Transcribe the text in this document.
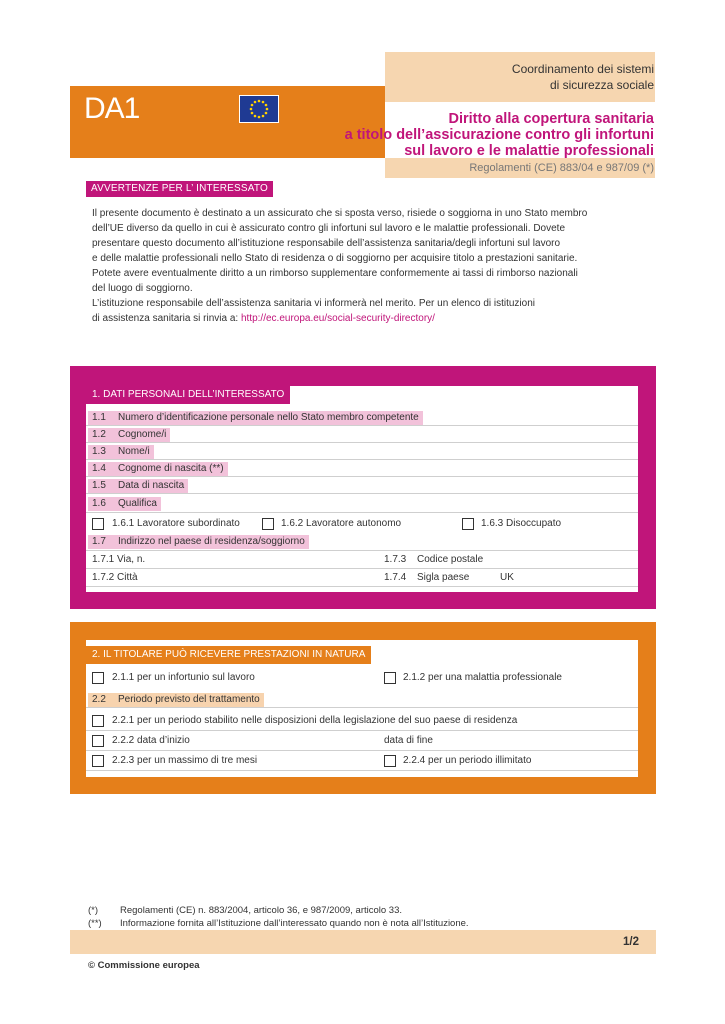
Coordinamento dei sistemi
di sicurezza sociale
DA1	Diritto alla copertura sanitaria
a titolo dell’assicurazione contro gli infortuni
sul lavoro e le malattie professionali
Regolamenti (CE) 883/04 e 987/09 (*)
AVVERTENZE PER L’ INTERESSATO
Il presente documento è destinato a un assicurato che si sposta verso, risiede o soggiorna in uno Stato membro
dell’UE diverso da quello in cui è assicurato contro gli infortuni sul lavoro e le malattie professionali. Dovete
presentare questo documento all’istituzione responsabile dell’assistenza sanitaria/degli infortuni sul lavoro
e delle malattie professionali nello Stato di residenza o di soggiorno per acquisire titolo a prestazioni sanitarie.
Potete avere eventualmente diritto a un rimborso supplementare conformemente ai tassi di rimborso nazionali
del luogo di soggiorno.
L’istituzione responsabile dell’assistenza sanitaria vi informerà nel merito. Per un elenco di istituzioni
di assistenza sanitaria si rinvia a: http://ec.europa.eu/social-security-directory/
1. DATI PERSONALI DELL’INTERESSATO
1.1 Numero d’identificazione personale nello Stato membro competente
1.2 Cognome/i
1.3 Nome/i
1.4 Cognome di nascita (**)
1.5 Data di nascita
1.6 Qualifica
1.6.1 Lavoratore subordinato	1.6.2 Lavoratore autonomo	1.6.3 Disoccupato
1.7 Indirizzo nel paese di residenza/soggiorno
1.7.1 Via, n.	1.7.3 Codice postale
1.7.2 Città	1.7.4 Sigla paese	UK
2. IL TITOLARE PUÒ RICEVERE PRESTAZIONI IN NATURA
2.1.1 per un infortunio sul lavoro	2.1.2 per una malattia professionale
2.2 Periodo previsto del trattamento
2.2.1 per un periodo stabilito nelle disposizioni della legislazione del suo paese di residenza
2.2.2 data d’inizio	data di fine
2.2.3 per un massimo di tre mesi	2.2.4 per un periodo illimitato
(*) Regolamenti (CE) n. 883/2004, articolo 36, e 987/2009, articolo 33.
(**) Informazione fornita all’Istituzione dall’interessato quando non è nota all’Istituzione.
1/2
© Commissione europea
